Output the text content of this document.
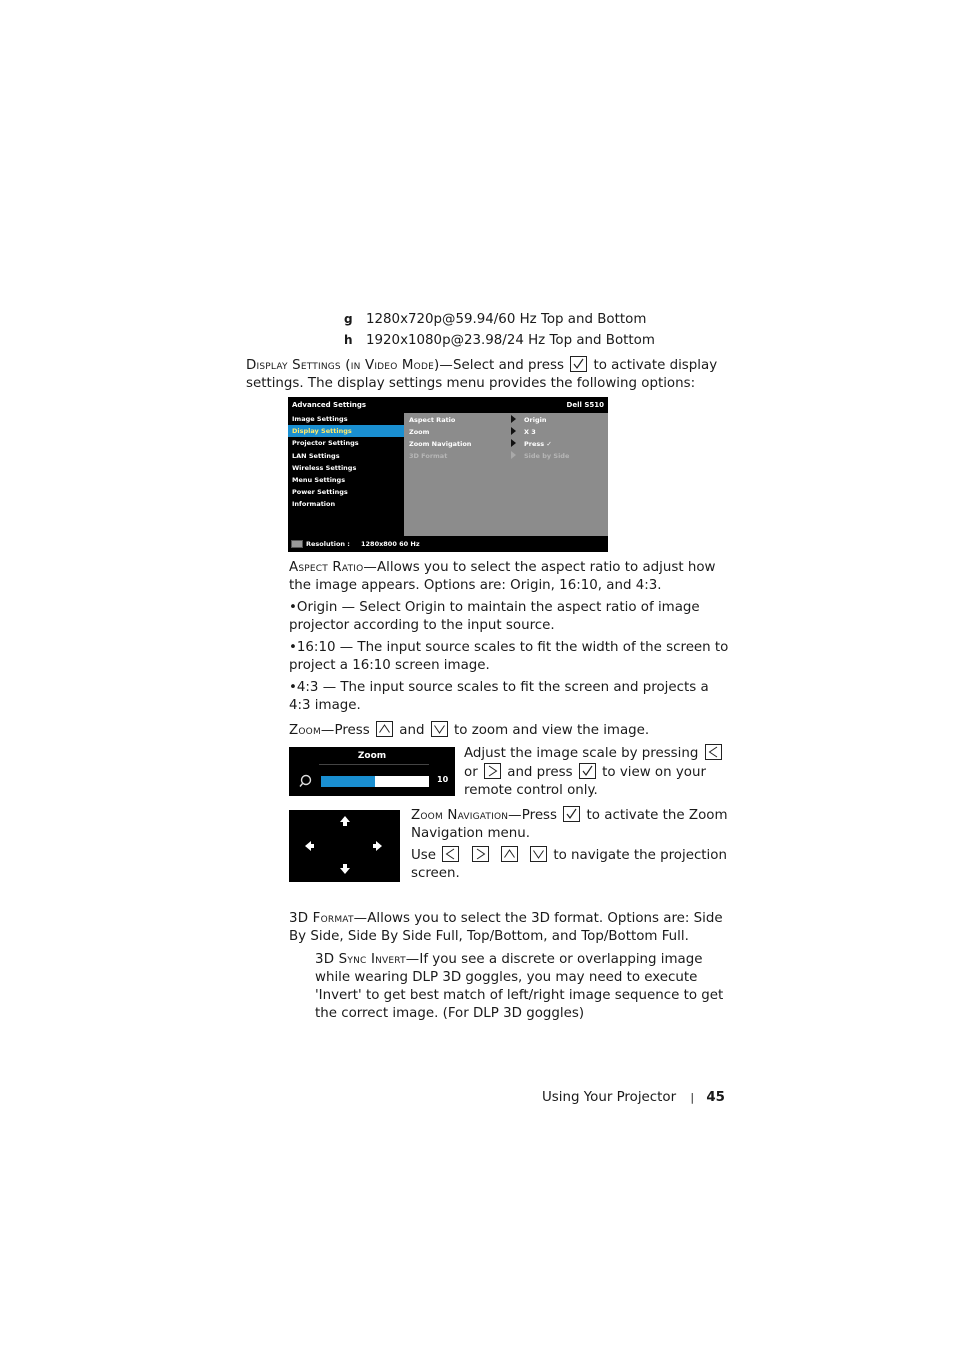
g 1280x720p@59.94/60 Hz Top and Bottom
h 1920x1080p@23.98/24 Hz Top and Bottom
Display Settings (in Video Mode)—Select and press to activate display settings. The display settings menu provides the following options:
Advanced Settings	Dell S510
Image Settings
Display Settings
Projector Settings
LAN Settings
Wireless Settings
Menu Settings
Power Settings
Information
Aspect Ratio	Origin
Zoom	X 3
Zoom Navigation	Press ✓
3D Format	Side by Side
Resolution : 1280x800 60 Hz
Aspect Ratio—Allows you to select the aspect ratio to adjust how the image appears. Options are: Origin, 16:10, and 4:3.
•Origin — Select Origin to maintain the aspect ratio of image projector according to the input source.
•16:10 — The input source scales to fit the width of the screen to project a 16:10 screen image.
•4:3 — The input source scales to fit the screen and projects a 4:3 image.
Zoom—Press and to zoom and view the image.
Zoom
10
Adjust the image scale by pressing
or and press to view on your remote control only.
Zoom Navigation—Press to activate the Zoom Navigation menu.
Use

	to navigate the projection screen.
3D Format—Allows you to select the 3D format. Options are: Side By Side, Side By Side Full, Top/Bottom, and Top/Bottom Full.
3D Sync Invert—If you see a discrete or overlapping image while wearing DLP 3D goggles, you may need to execute 'Invert' to get best match of left/right image sequence to get the correct image. (For DLP 3D goggles)
Using Your Projector | 45
